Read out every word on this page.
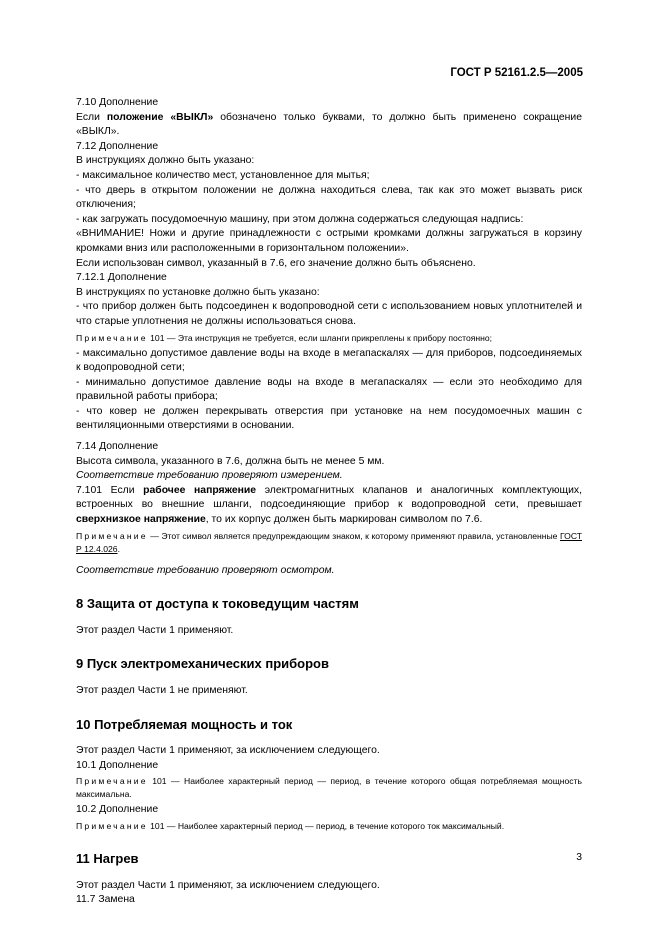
ГОСТ Р 52161.2.5—2005

7.10 Дополнение

Если положение «ВЫКЛ» обозначено только буквами, то должно быть применено сокращение «ВЫКЛ».

7.12 Дополнение

В инструкциях должно быть указано:

- максимальное количество мест, установленное для мытья;

- что дверь в открытом положении не должна находиться слева, так как это может вызвать риск отключения;

- как загружать посудомоечную машину, при этом должна содержаться следующая надпись:

«ВНИМАНИЕ! Ножи и другие принадлежности с острыми кромками должны загружаться в корзину кромками вниз или расположенными в горизонтальном положении».

Если использован символ, указанный в 7.6, его значение должно быть объяснено.

7.12.1 Дополнение

В инструкциях по установке должно быть указано:

- что прибор должен быть подсоединен к водопроводной сети с использованием новых уплотнителей и что старые уплотнения не должны использоваться снова.

Примечание 101 — Эта инструкция не требуется, если шланги прикреплены к прибору постоянно;

- максимально допустимое давление воды на входе в мегапаскалях — для приборов, подсоединяемых к водопроводной сети;

- минимально допустимое давление воды на входе в мегапаскалях — если это необходимо для правильной работы прибора;

- что ковер не должен перекрывать отверстия при установке на нем посудомоечных машин с вентиляционными отверстиями в основании.

7.14 Дополнение

Высота символа, указанного в 7.6, должна быть не менее 5 мм.

Соответствие требованию проверяют измерением.

7.101 Если рабочее напряжение электромагнитных клапанов и аналогичных комплектующих, встроенных во внешние шланги, подсоединяющие прибор к водопроводной сети, превышает сверхнизкое напряжение, то их корпус должен быть маркирован символом по 7.6.

Примечание — Этот символ является предупреждающим знаком, к которому применяют правила, установленные ГОСТ Р 12.4.026.

Соответствие требованию проверяют осмотром.

8 Защита от доступа к токоведущим частям

Этот раздел Части 1 применяют.

9 Пуск электромеханических приборов

Этот раздел Части 1 не применяют.

10 Потребляемая мощность и ток

Этот раздел Части 1 применяют, за исключением следующего.

10.1 Дополнение

Примечание 101 — Наиболее характерный период — период, в течение которого общая потребляемая мощность максимальна.

10.2 Дополнение

Примечание 101 — Наиболее характерный период — период, в течение которого ток максимальный.

11 Нагрев

Этот раздел Части 1 применяют, за исключением следующего.

11.7 Замена

3
